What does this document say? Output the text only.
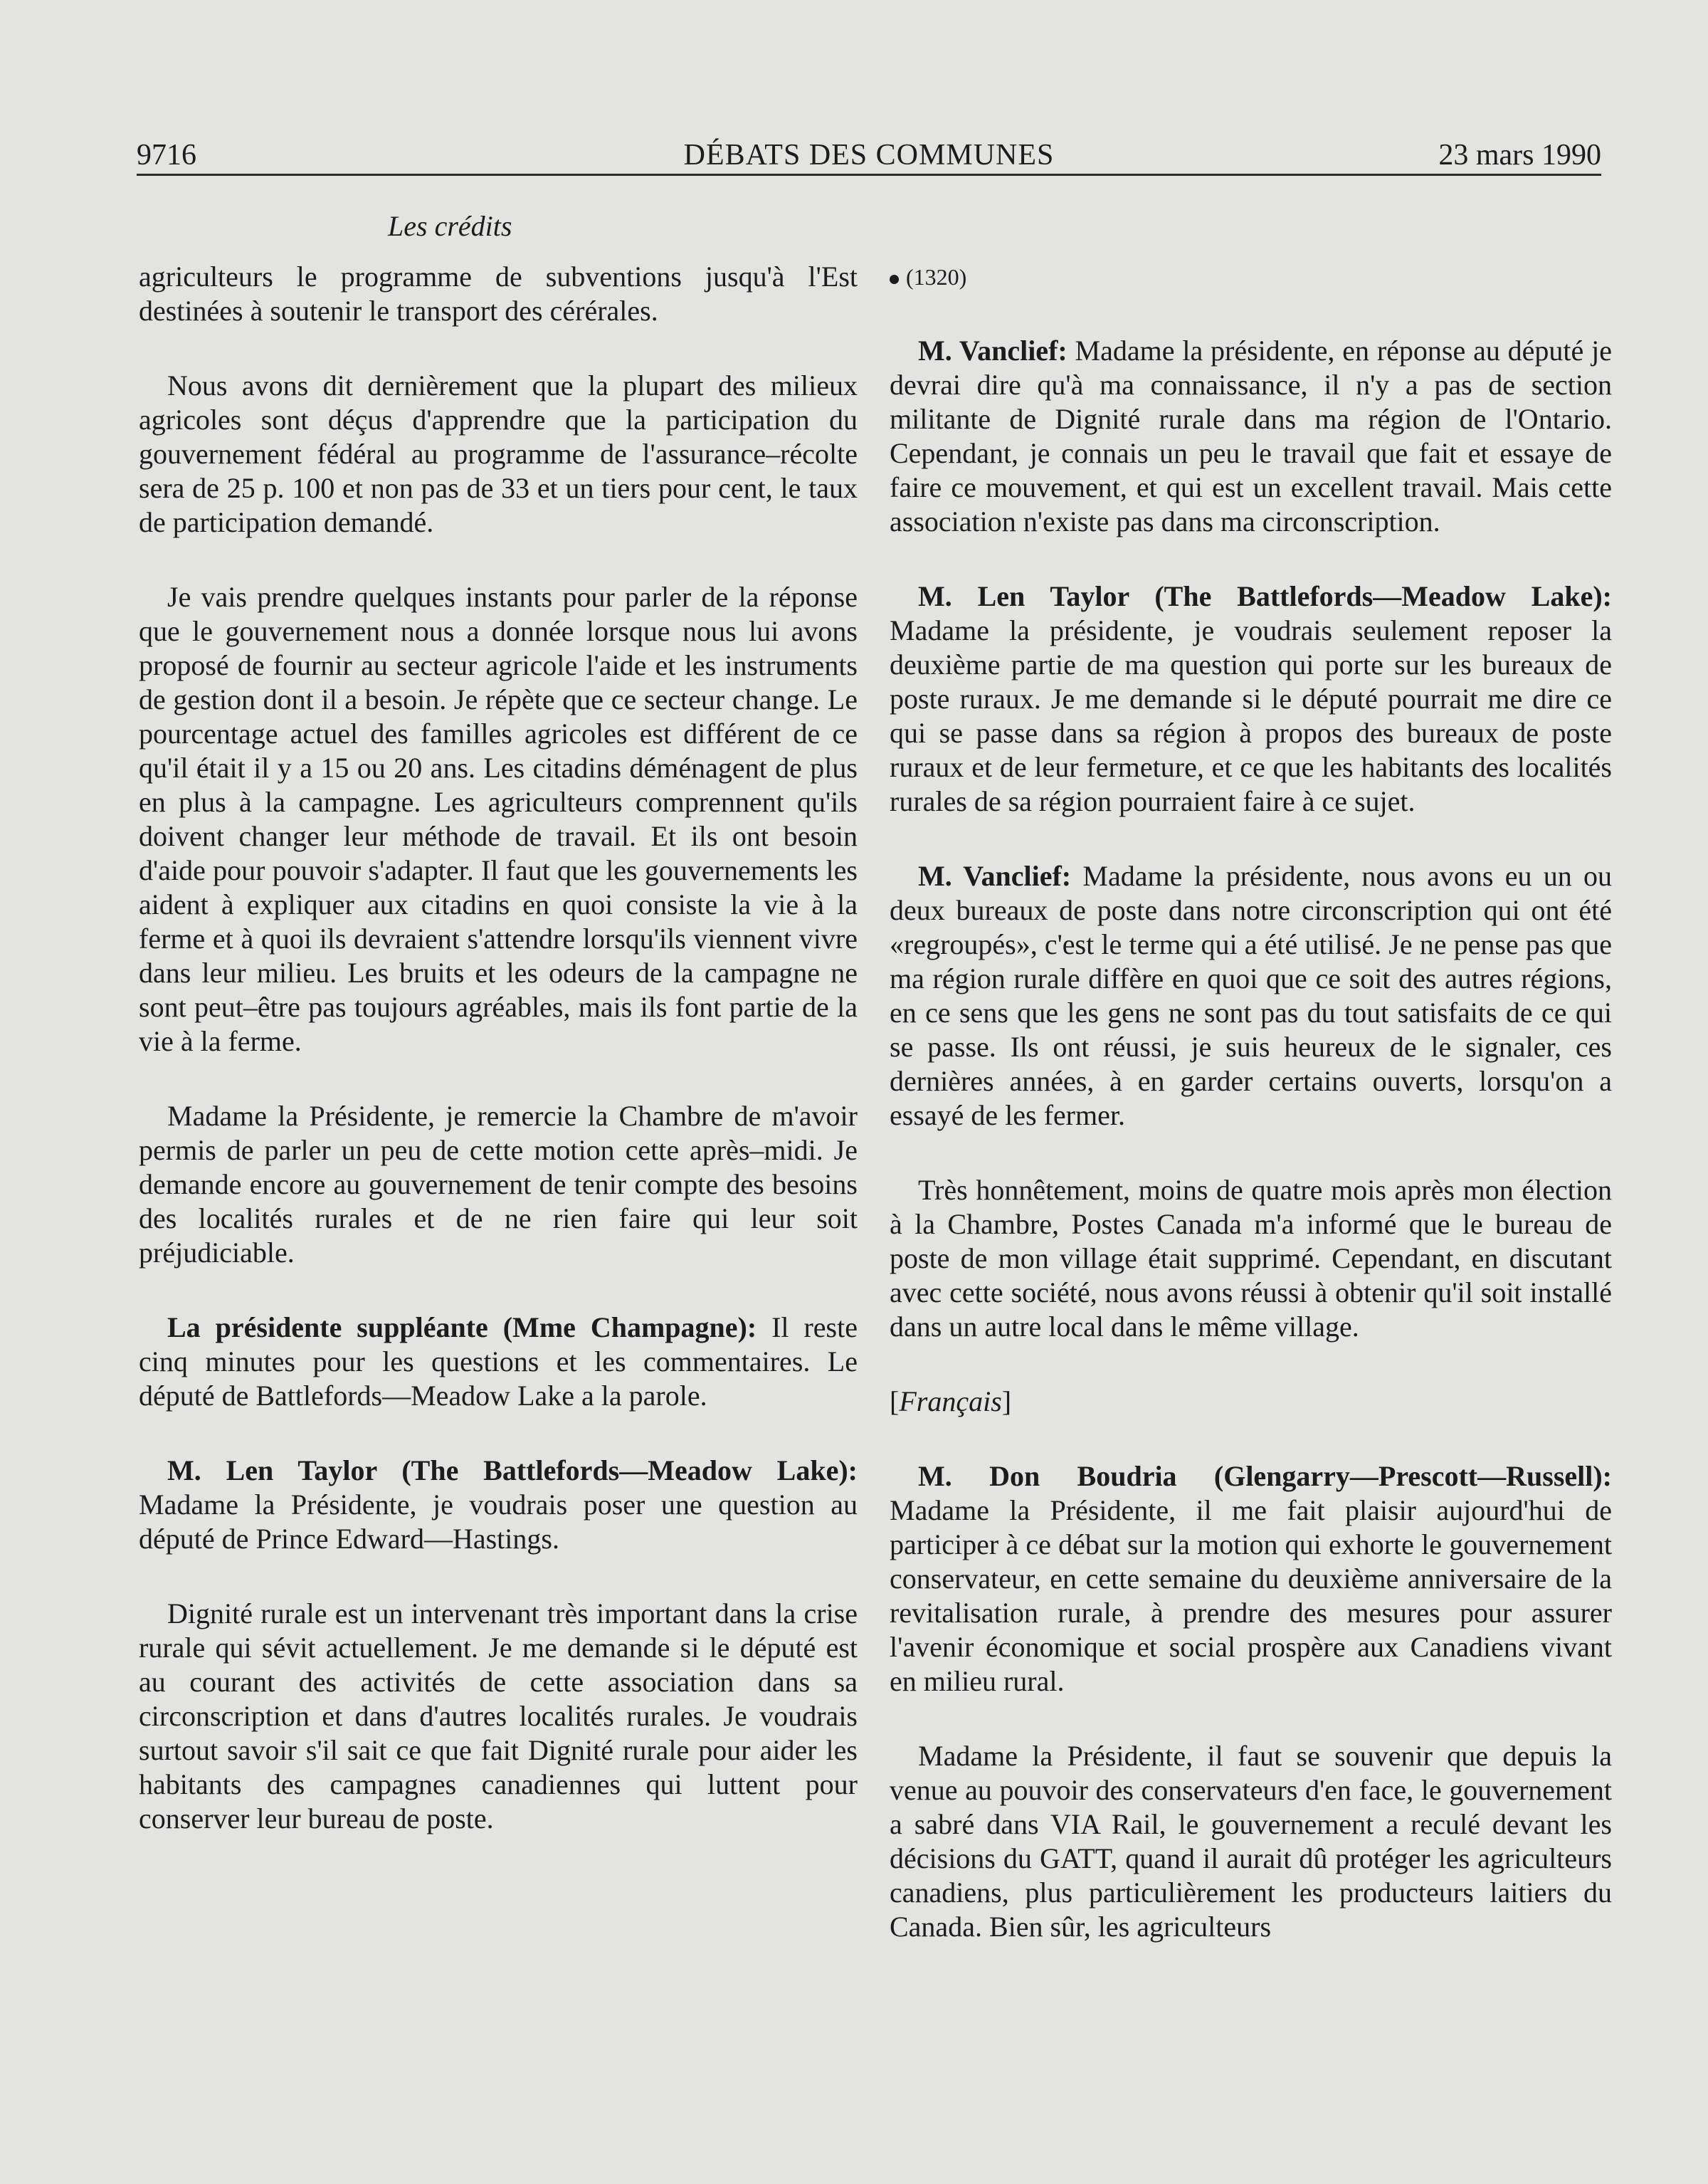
DÉBATS DES COMMUNES
9716	23 mars 1990
Les crédits

agriculteurs le programme de subventions jusqu'à l'Est destinées à soutenir le transport des cérérales.

Nous avons dit dernièrement que la plupart des milieux agricoles sont déçus d'apprendre que la participation du gouvernement fédéral au programme de l'assurance–récolte sera de 25 p. 100 et non pas de 33 et un tiers pour cent, le taux de participation demandé.

Je vais prendre quelques instants pour parler de la réponse que le gouvernement nous a donnée lorsque nous lui avons proposé de fournir au secteur agricole l'aide et les instruments de gestion dont il a besoin. Je répète que ce secteur change. Le pourcentage actuel des familles agricoles est différent de ce qu'il était il y a 15 ou 20 ans. Les citadins déménagent de plus en plus à la campagne. Les agriculteurs comprennent qu'ils doivent changer leur méthode de travail. Et ils ont besoin d'aide pour pouvoir s'adapter. Il faut que les gouvernements les aident à expliquer aux citadins en quoi consiste la vie à la ferme et à quoi ils devraient s'attendre lorsqu'ils viennent vivre dans leur milieu. Les bruits et les odeurs de la campagne ne sont peut–être pas toujours agréables, mais ils font partie de la vie à la ferme.

Madame la Présidente, je remercie la Chambre de m'avoir permis de parler un peu de cette motion cette après–midi. Je demande encore au gouvernement de tenir compte des besoins des localités rurales et de ne rien faire qui leur soit préjudiciable.

La présidente suppléante (Mme Champagne): Il reste cinq minutes pour les questions et les commentaires. Le député de Battlefords—Meadow Lake a la parole.

M. Len Taylor (The Battlefords—Meadow Lake): Madame la Présidente, je voudrais poser une question au député de Prince Edward—Hastings.

Dignité rurale est un intervenant très important dans la crise rurale qui sévit actuellement. Je me demande si le député est au courant des activités de cette association dans sa circonscription et dans d'autres localités rurales. Je voudrais surtout savoir s'il sait ce que fait Dignité rurale pour aider les habitants des campagnes canadiennes qui luttent pour conserver leur bureau de poste.

(1320)

M. Vanclief: Madame la présidente, en réponse au député je devrai dire qu'à ma connaissance, il n'y a pas de section militante de Dignité rurale dans ma région de l'Ontario. Cependant, je connais un peu le travail que fait et essaye de faire ce mouvement, et qui est un excellent travail. Mais cette association n'existe pas dans ma circonscription.

M. Len Taylor (The Battlefords—Meadow Lake): Madame la présidente, je voudrais seulement reposer la deuxième partie de ma question qui porte sur les bureaux de poste ruraux. Je me demande si le député pourrait me dire ce qui se passe dans sa région à propos des bureaux de poste ruraux et de leur fermeture, et ce que les habitants des localités rurales de sa région pourraient faire à ce sujet.

M. Vanclief: Madame la présidente, nous avons eu un ou deux bureaux de poste dans notre circonscription qui ont été «regroupés», c'est le terme qui a été utilisé. Je ne pense pas que ma région rurale diffère en quoi que ce soit des autres régions, en ce sens que les gens ne sont pas du tout satisfaits de ce qui se passe. Ils ont réussi, je suis heureux de le signaler, ces dernières années, à en garder certains ouverts, lorsqu'on a essayé de les fermer.

Très honnêtement, moins de quatre mois après mon élection à la Chambre, Postes Canada m'a informé que le bureau de poste de mon village était supprimé. Cependant, en discutant avec cette société, nous avons réussi à obtenir qu'il soit installé dans un autre local dans le même village.

[Français]

M. Don Boudria (Glengarry—Prescott—Russell): Madame la Présidente, il me fait plaisir aujourd'hui de participer à ce débat sur la motion qui exhorte le gouvernement conservateur, en cette semaine du deuxième anniversaire de la revitalisation rurale, à prendre des mesures pour assurer l'avenir économique et social prospère aux Canadiens vivant en milieu rural.

Madame la Présidente, il faut se souvenir que depuis la venue au pouvoir des conservateurs d'en face, le gouvernement a sabré dans VIA Rail, le gouvernement a reculé devant les décisions du GATT, quand il aurait dû protéger les agriculteurs canadiens, plus particulièrement les producteurs laitiers du Canada. Bien sûr, les agriculteurs
